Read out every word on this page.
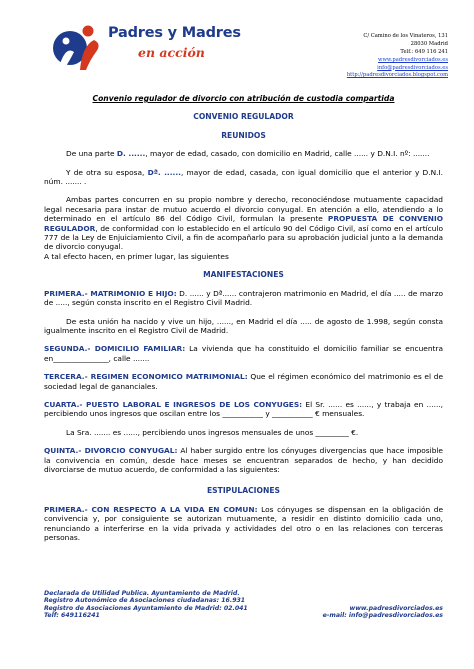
Padres y Madres
en acción
C/ Camino de los Vinateros, 131
28030 Madrid
Telf.: 649 116 241
www.padresdivorciados.es
info@padresdivorciados.es
http://padresdivorciados.blogspot.com
Convenio regulador de divorcio con atribución de custodia compartida
CONVENIO REGULADOR
REUNIDOS
De una parte D. ......, mayor de edad, casado, con domicilio en Madrid, calle ...... y D.N.I. nº: .......
Y de otra su esposa, Dª. ......, mayor de edad, casada, con igual domicilio que el anterior y D.N.I. núm. ....... .
Ambas partes concurren en su propio nombre y derecho, reconociéndose mutuamente capacidad legal necesaria para instar de mutuo acuerdo el divorcio conyugal. En atención a ello, atendiendo a lo determinado en el artículo 86 del Código Civil, formulan la presente PROPUESTA DE CONVENIO REGULADOR, de conformidad con lo establecido en el artículo 90 del Código Civil, así como en el artículo 777 de la Ley de Enjuiciamiento Civil, a fin de acompañarlo para su aprobación judicial junto a la demanda de divorcio conyugal.
A tal efecto hacen, en primer lugar, las siguientes
MANIFESTACIONES
PRIMERA.- MATRIMONIO E HIJO: D. ...... y Dª...... contrajeron matrimonio en Madrid, el día ..... de marzo de ....., según consta inscrito en el Registro Civil Madrid.
De esta unión ha nacido y vive un hijo, ......, en Madrid el día ..... de agosto de 1.998, según consta igualmente inscrito en el Registro Civil de Madrid.
SEGUNDA.- DOMICILIO FAMILIAR: La vivienda que ha constituido el domicilio familiar se encuentra en_______________, calle .......
TERCERA.- REGIMEN ECONOMICO MATRIMONIAL: Que el régimen económico del matrimonio es el de sociedad legal de gananciales.
CUARTA.- PUESTO LABORAL E INGRESOS DE LOS CONYUGES: El Sr. ...... es ......, y trabaja en ......, percibiendo unos ingresos que oscilan entre los ___________ y ___________ € mensuales.
La Sra. ....... es ......, percibiendo unos ingresos mensuales de unos _________ €.
QUINTA.- DIVORCIO CONYUGAL: Al haber surgido entre los cónyuges divergencias que hace imposible la convivencia en común, desde hace meses se encuentran separados de hecho, y han decidido divorciarse de mutuo acuerdo, de conformidad a las siguientes:
ESTIPULACIONES
PRIMERA.- CON RESPECTO A LA VIDA EN COMUN: Los cónyuges se dispensan en la obligación de convivencia y, por consiguiente se autorizan mutuamente, a residir en distinto domicilio cada uno, renunciando a interferirse en la vida privada y actividades del otro o en las relaciones con terceras personas.
Declarada de Utilidad Publica. Ayuntamiento de Madrid.
Registro Autonómico de Asociaciones ciudadanas: 16.931
Registro de Asociaciones Ayuntamiento de Madrid: 02.041
Telf: 649116241
www.padresdivorciados.es
e-mail: info@padresdivorciados.es
